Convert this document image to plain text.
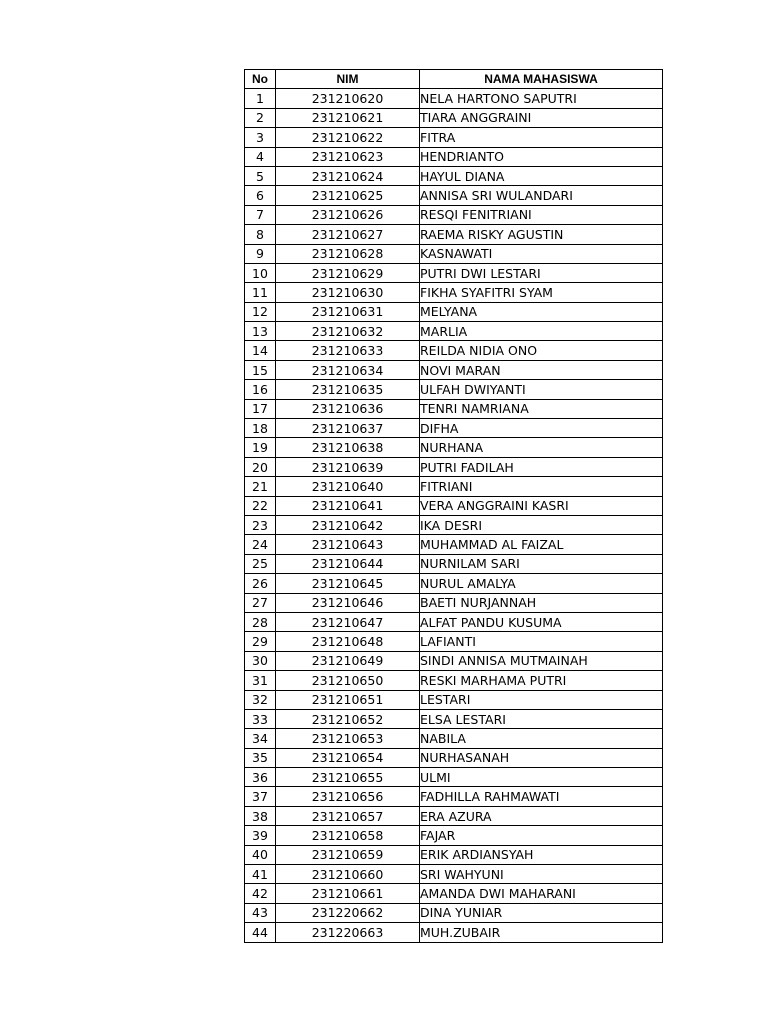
No	NIM	NAMA MAHASISWA
1	231210620	NELA HARTONO SAPUTRI
2	231210621	TIARA ANGGRAINI
3	231210622	FITRA
4	231210623	HENDRIANTO
5	231210624	HAYUL DIANA
6	231210625	ANNISA SRI WULANDARI
7	231210626	RESQI FENITRIANI
8	231210627	RAEMA RISKY AGUSTIN
9	231210628	KASNAWATI
10	231210629	PUTRI DWI LESTARI
11	231210630	FIKHA SYAFITRI SYAM
12	231210631	MELYANA
13	231210632	MARLIA
14	231210633	REILDA NIDIA ONO
15	231210634	NOVI MARAN
16	231210635	ULFAH DWIYANTI
17	231210636	TENRI NAMRIANA
18	231210637	DIFHA
19	231210638	NURHANA
20	231210639	PUTRI FADILAH
21	231210640	FITRIANI
22	231210641	VERA ANGGRAINI KASRI
23	231210642	IKA DESRI
24	231210643	MUHAMMAD AL FAIZAL
25	231210644	NURNILAM SARI
26	231210645	NURUL AMALYA
27	231210646	BAETI NURJANNAH
28	231210647	ALFAT PANDU KUSUMA
29	231210648	LAFIANTI
30	231210649	SINDI ANNISA MUTMAINAH
31	231210650	RESKI MARHAMA PUTRI
32	231210651	LESTARI
33	231210652	ELSA LESTARI
34	231210653	NABILA
35	231210654	NURHASANAH
36	231210655	ULMI
37	231210656	FADHILLA RAHMAWATI
38	231210657	ERA AZURA
39	231210658	FAJAR
40	231210659	ERIK ARDIANSYAH
41	231210660	SRI WAHYUNI
42	231210661	AMANDA DWI MAHARANI
43	231220662	DINA YUNIAR
44	231220663	MUH.ZUBAIR
